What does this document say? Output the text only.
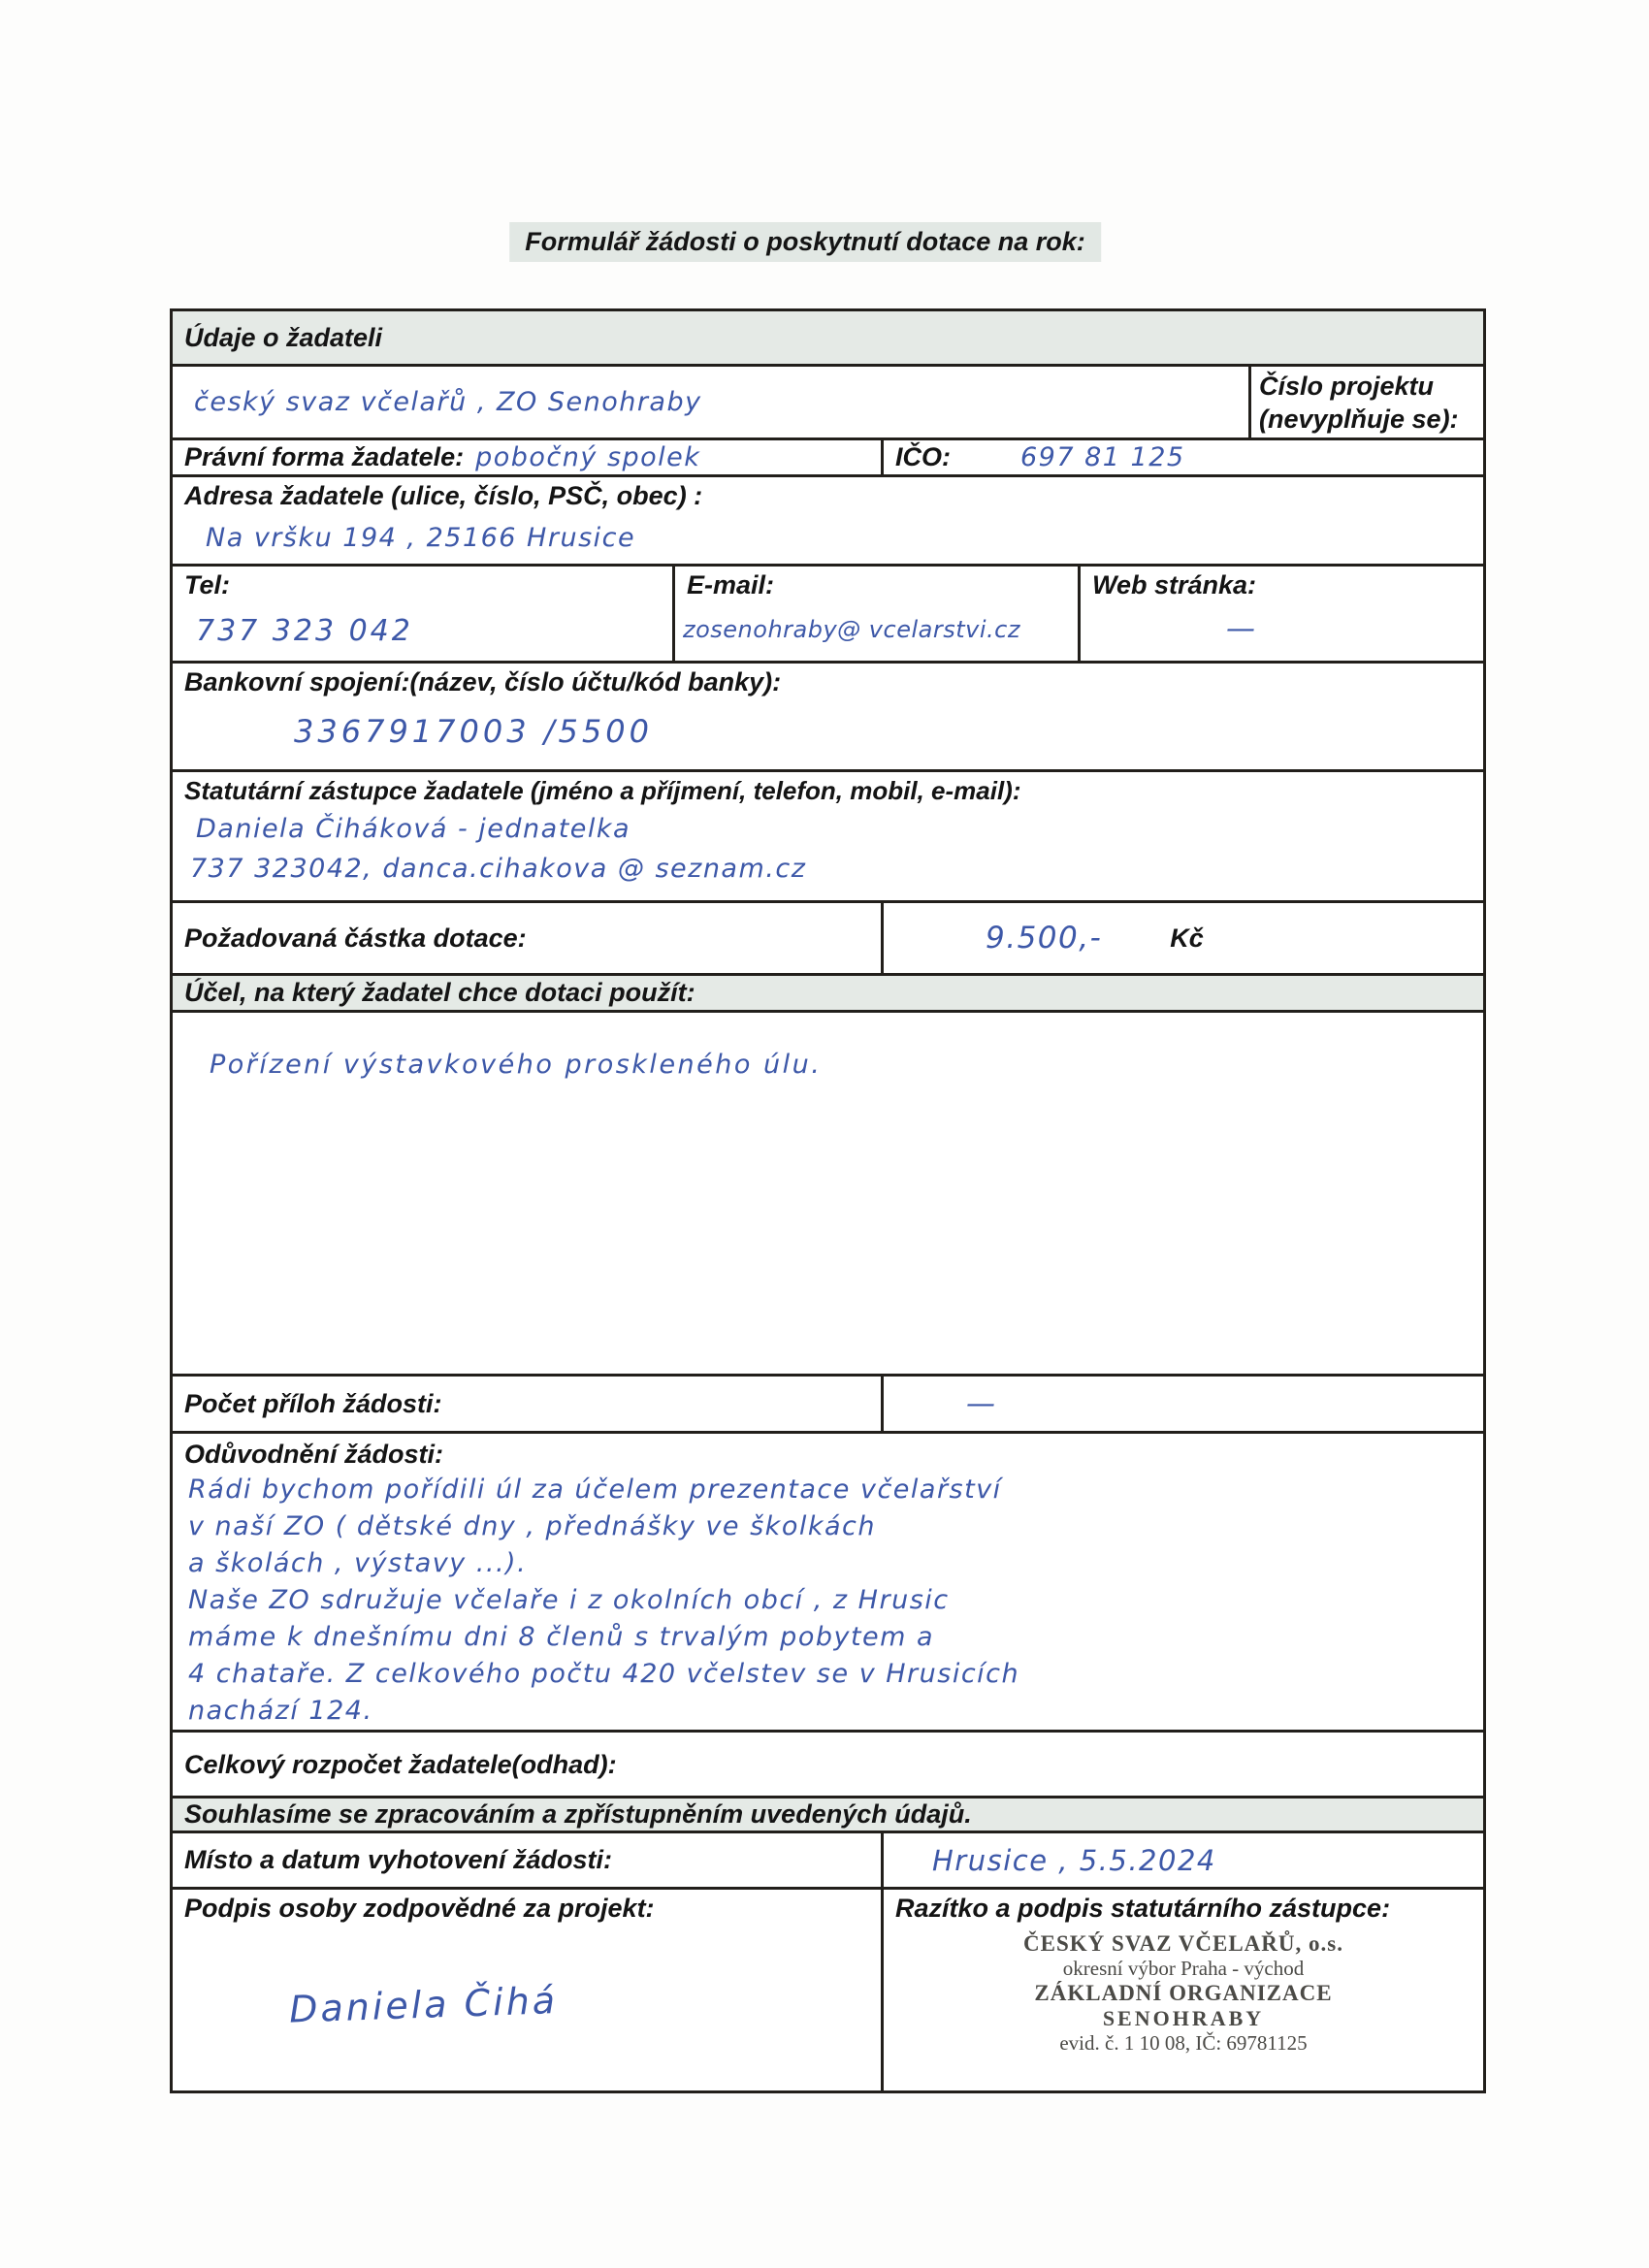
Formulář žádosti o poskytnutí dotace na rok:
Údaje o žadateli
český svaz včelařů , ZO Senohraby
Číslo projektu (nevyplňuje se):
Právní forma žadatele: pobočný spolek	IČO:	697 81 125
Adresa žadatele (ulice, číslo, PSČ, obec) :
Na vršku 194 , 25166 Hrusice
Tel:
737 323 042
E-mail:
zosenohraby@ vcelarstvi.cz
Web stránka:
—
Bankovní spojení:(název, číslo účtu/kód banky):
3367917003 /5500
Statutární zástupce žadatele (jméno a příjmení, telefon, mobil, e-mail):
Daniela Čiháková - jednatelka
737 323042, danca.cihakova @ seznam.cz
Požadovaná částka dotace:	9.500,-	Kč
Účel, na který žadatel chce dotaci použít:
Pořízení výstavkového proskleného úlu.
Počet příloh žádosti:	—
Odůvodnění žádosti:
Rádi bychom pořídili úl za účelem prezentace včelařství
v naší ZO ( dětské dny , přednášky ve školkách
a školách , výstavy ...).
Naše ZO sdružuje včelaře i z okolních obcí , z Hrusic
máme k dnešnímu dni 8 členů s trvalým pobytem a
4 chataře. Z celkového počtu 420 včelstev se v Hrusicích
nachází 124.
Celkový rozpočet žadatele(odhad):
Souhlasíme se zpracováním a zpřístupněním uvedených údajů.
Místo a datum vyhotovení žádosti:	Hrusice , 5.5.2024
Podpis osoby zodpovědné za projekt:
Daniela Čihá
Razítko a podpis statutárního zástupce:
ČESKÝ SVAZ VČELAŘŮ, o.s.
okresní výbor Praha - východ
ZÁKLADNÍ ORGANIZACE
SENOHRABY
evid. č. 1 10 08, IČ: 69781125
